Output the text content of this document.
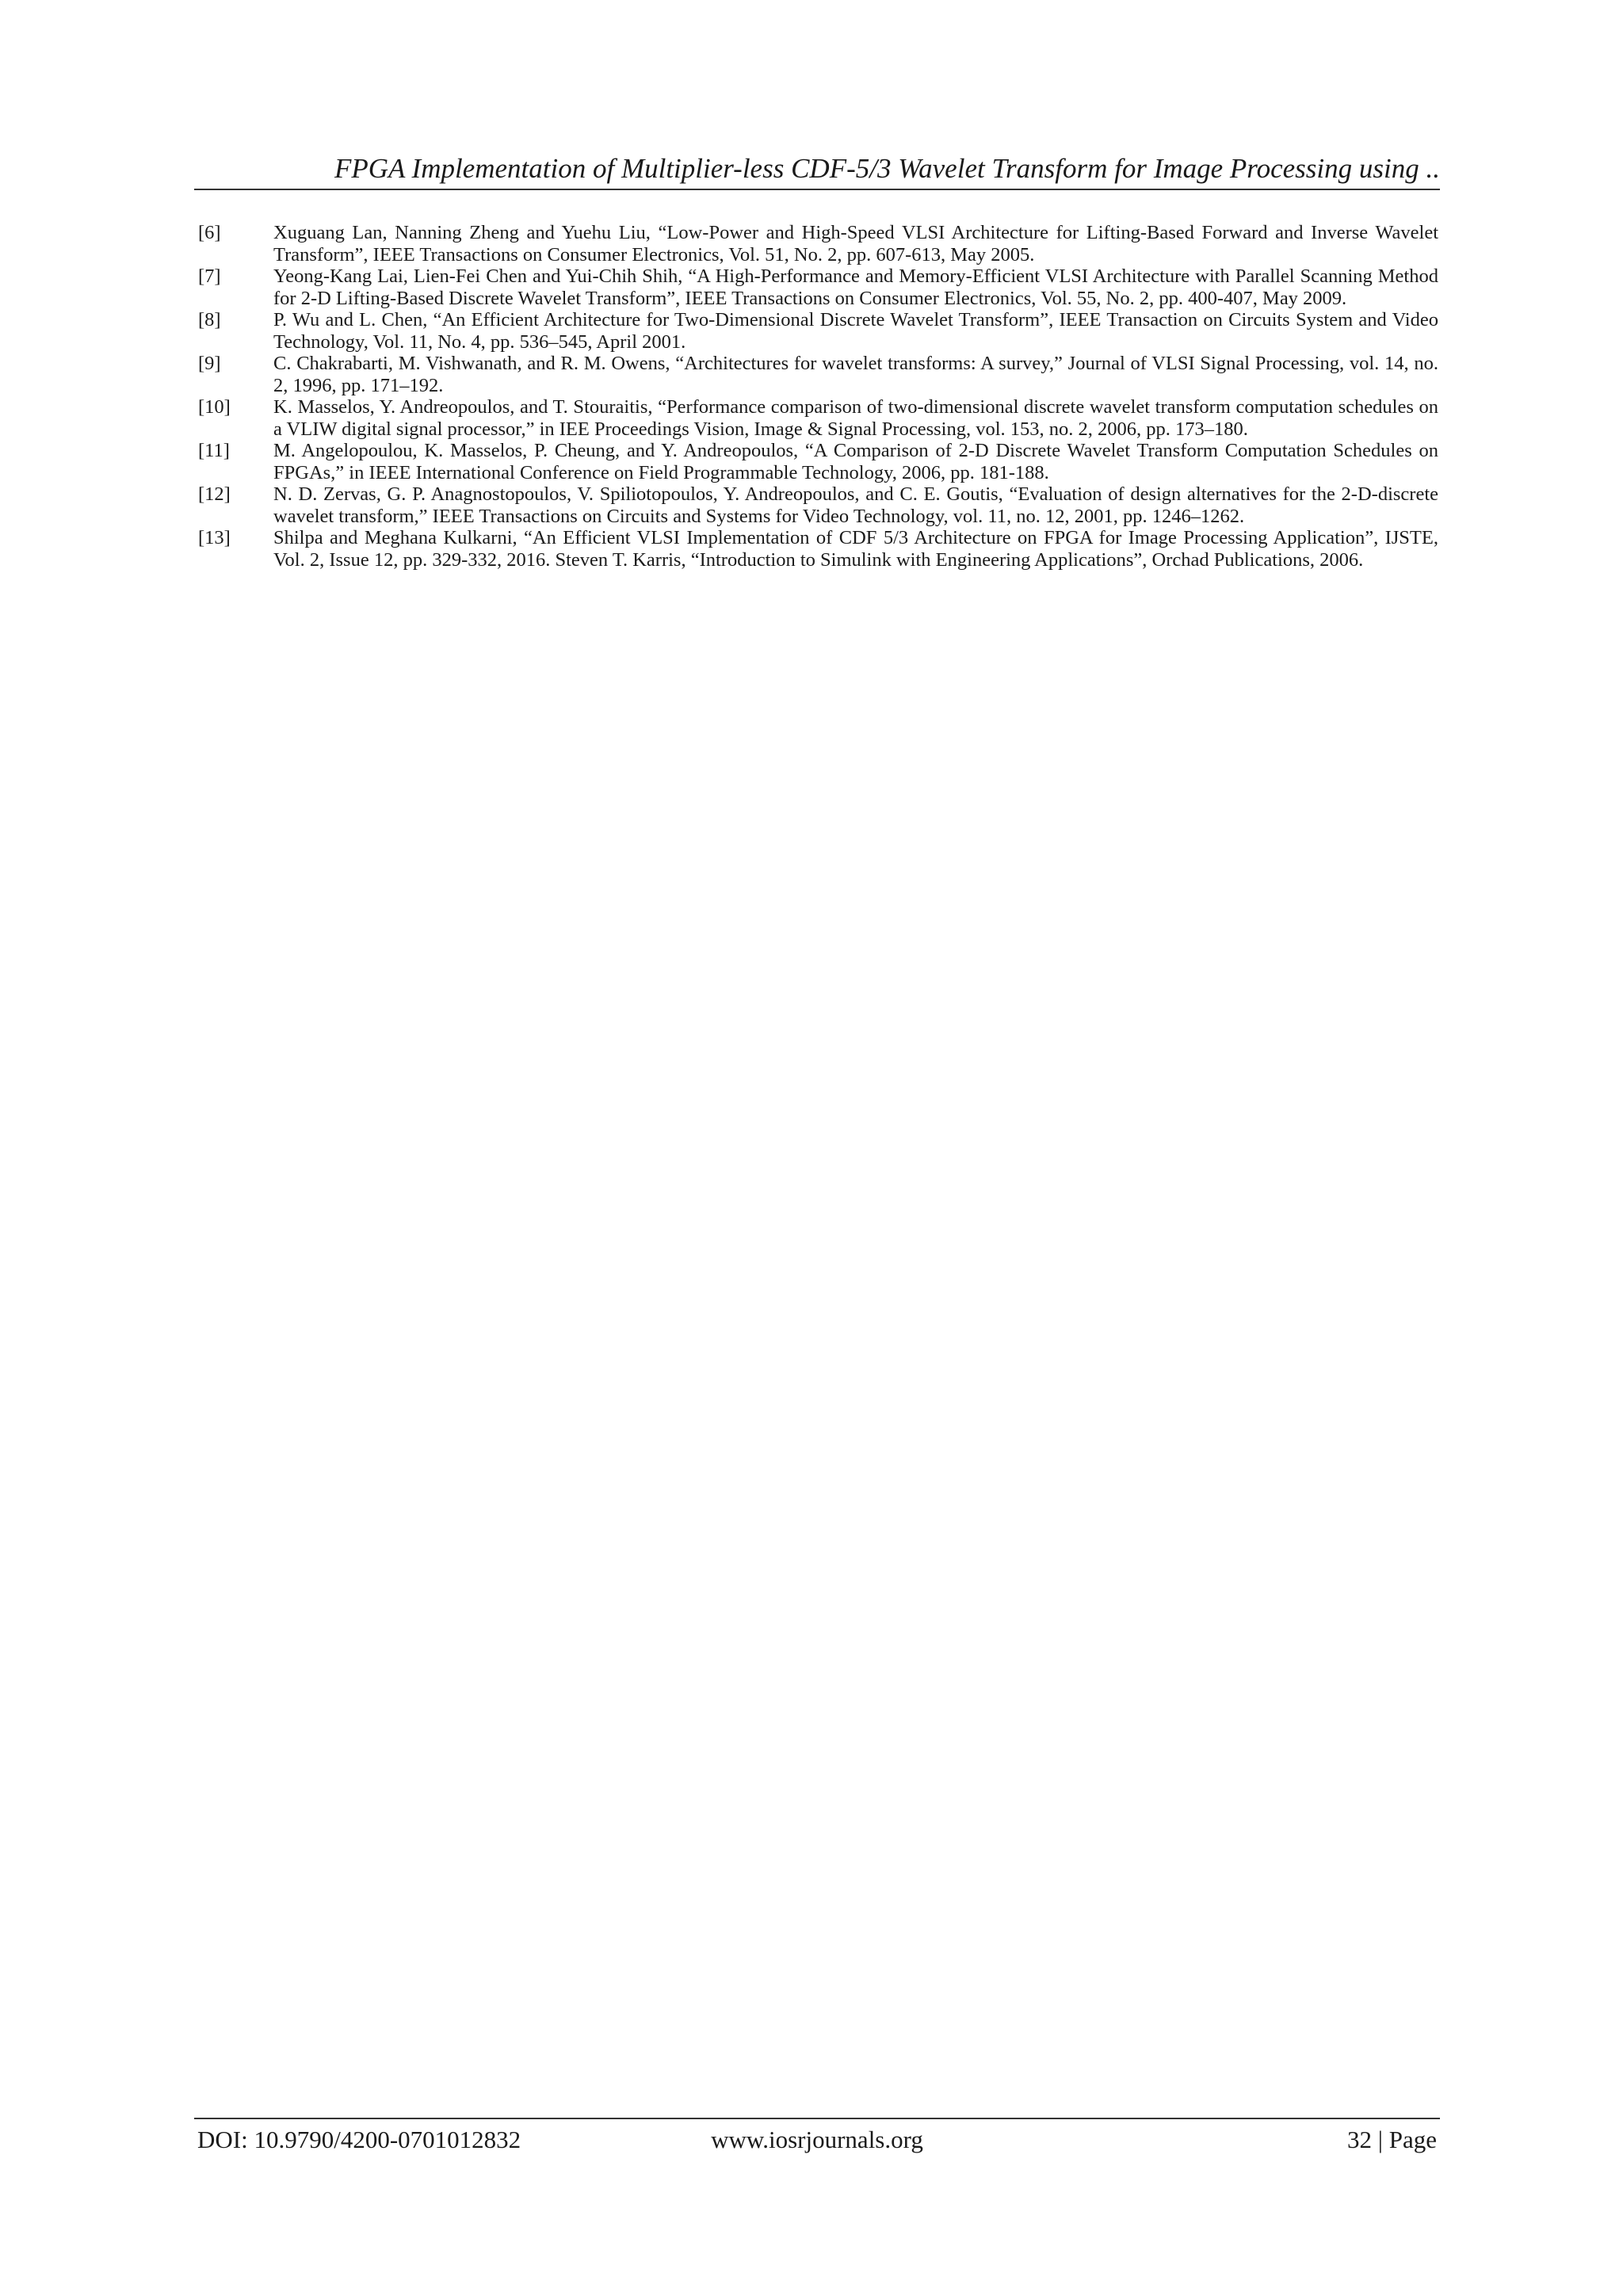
FPGA Implementation of Multiplier-less CDF-5/3 Wavelet Transform for Image Processing using ..
[6]	Xuguang Lan, Nanning Zheng and Yuehu Liu, “Low-Power and High-Speed VLSI Architecture for Lifting-Based Forward and Inverse Wavelet Transform”, IEEE Transactions on Consumer Electronics, Vol. 51, No. 2, pp. 607-613, May 2005.
[7]	Yeong-Kang Lai, Lien-Fei Chen and Yui-Chih Shih, “A High-Performance and Memory-Efficient VLSI Architecture with Parallel Scanning Method for 2-D Lifting-Based Discrete Wavelet Transform”, IEEE Transactions on Consumer Electronics, Vol. 55, No. 2, pp. 400-407, May 2009.
[8]	P. Wu and L. Chen, “An Efficient Architecture for Two-Dimensional Discrete Wavelet Transform”, IEEE Transaction on Circuits System and Video Technology, Vol. 11, No. 4, pp. 536–545, April 2001.
[9]	C. Chakrabarti, M. Vishwanath, and R. M. Owens, “Architectures for wavelet transforms: A survey,” Journal of VLSI Signal Processing, vol. 14, no. 2, 1996, pp. 171–192.
[10]	K. Masselos, Y. Andreopoulos, and T. Stouraitis, “Performance comparison of two-dimensional discrete wavelet transform computation schedules on a VLIW digital signal processor,” in IEE Proceedings Vision, Image & Signal Processing, vol. 153, no. 2, 2006, pp. 173–180.
[11]	M. Angelopoulou, K. Masselos, P. Cheung, and Y. Andreopoulos, “A Comparison of 2-D Discrete Wavelet Transform Computation Schedules on FPGAs,” in IEEE International Conference on Field Programmable Technology, 2006, pp. 181-188.
[12]	N. D. Zervas, G. P. Anagnostopoulos, V. Spiliotopoulos, Y. Andreopoulos, and C. E. Goutis, “Evaluation of design alternatives for the 2-D-discrete wavelet transform,” IEEE Transactions on Circuits and Systems for Video Technology, vol. 11, no. 12, 2001, pp. 1246–1262.
[13]	Shilpa and Meghana Kulkarni, “An Efficient VLSI Implementation of CDF 5/3 Architecture on FPGA for Image Processing Application”, IJSTE, Vol. 2, Issue 12, pp. 329-332, 2016. Steven T. Karris, “Introduction to Simulink with Engineering Applications”, Orchad Publications, 2006.
DOI: 10.9790/4200-0701012832	www.iosrjournals.org	32 | Page
